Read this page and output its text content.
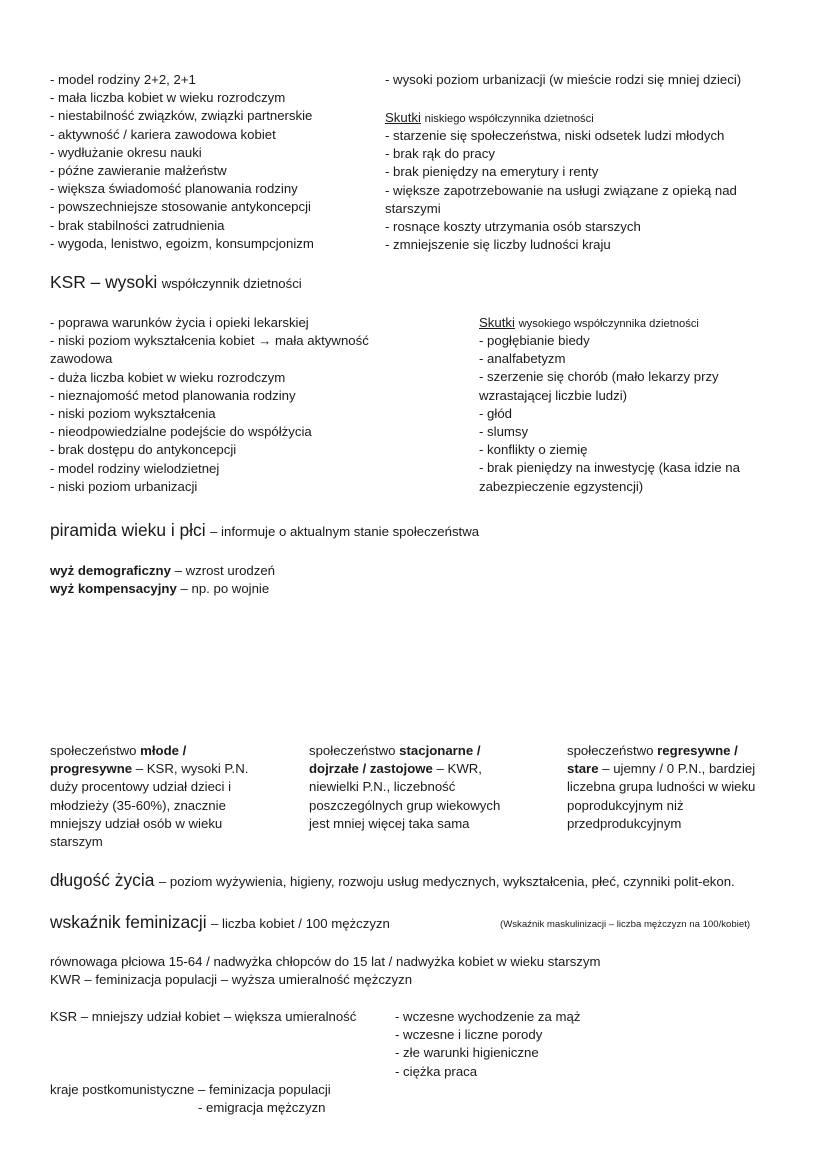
- model rodziny 2+2, 2+1
- mała liczba kobiet w wieku rozrodczym
- niestabilność związków, związki partnerskie
- aktywność / kariera zawodowa kobiet
- wydłużanie okresu nauki
- późne zawieranie małżeństw
- większa świadomość planowania rodziny
- powszechniejsze stosowanie antykoncepcji
- brak stabilności zatrudnienia
- wygoda, lenistwo, egoizm, konsumpcjonizm
- wysoki poziom urbanizacji (w mieście rodzi się mniej dzieci)
Skutki niskiego współczynnika dzietności
- starzenie się społeczeństwa, niski odsetek ludzi młodych
- brak rąk do pracy
- brak pieniędzy na emerytury i renty
- większe zapotrzebowanie na usługi związane z opieką nad
starszymi
- rosnące koszty utrzymania osób starszych
- zmniejszenie się liczby ludności kraju
KSR – wysoki współczynnik dzietności
- poprawa warunków życia i opieki lekarskiej
- niski poziom wykształcenia kobiet → mała aktywność
zawodowa
- duża liczba kobiet w wieku rozrodczym
- nieznajomość metod planowania rodziny
- niski poziom wykształcenia
- nieodpowiedzialne podejście do współżycia
- brak dostępu do antykoncepcji
- model rodziny wielodzietnej
- niski poziom urbanizacji
Skutki wysokiego współczynnika dzietności
- pogłębianie biedy
- analfabetyzm
- szerzenie się chorób (mało lekarzy przy
wzrastającej liczbie ludzi)
- głód
- slumsy
- konflikty o ziemię
- brak pieniędzy na inwestycję (kasa idzie na
zabezpieczenie egzystencji)
piramida wieku i płci – informuje o aktualnym stanie społeczeństwa
wyż demograficzny – wzrost urodzeń
wyż kompensacyjny – np. po wojnie
społeczeństwo młode /
progresywne – KSR, wysoki P.N.
duży procentowy udział dzieci i
młodzieży (35-60%), znacznie
mniejszy udział osób w wieku
starszym
społeczeństwo stacjonarne /
dojrzałe / zastojowe – KWR,
niewielki P.N., liczebność
poszczególnych grup wiekowych
jest mniej więcej taka sama
społeczeństwo regresywne /
stare – ujemny / 0 P.N., bardziej
liczebna grupa ludności w wieku
poprodukcyjnym niż
przedprodukcyjnym
długość życia – poziom wyżywienia, higieny, rozwoju usług medycznych, wykształcenia, płeć, czynniki polit-ekon.
wskaźnik feminizacji – liczba kobiet / 100 mężczyzn	(Wskaźnik maskulinizacji – liczba mężczyzn na 100/kobiet)
równowaga płciowa 15-64 / nadwyżka chłopców do 15 lat / nadwyżka kobiet w wieku starszym
KWR – feminizacja populacji – wyższa umieralność mężczyzn
KSR – mniejszy udział kobiet – większa umieralność	- wczesne wychodzenie za mąż
- wczesne i liczne porody
- złe warunki higieniczne
- ciężka praca
kraje postkomunistyczne – feminizacja populacji
- emigracja mężczyzn
